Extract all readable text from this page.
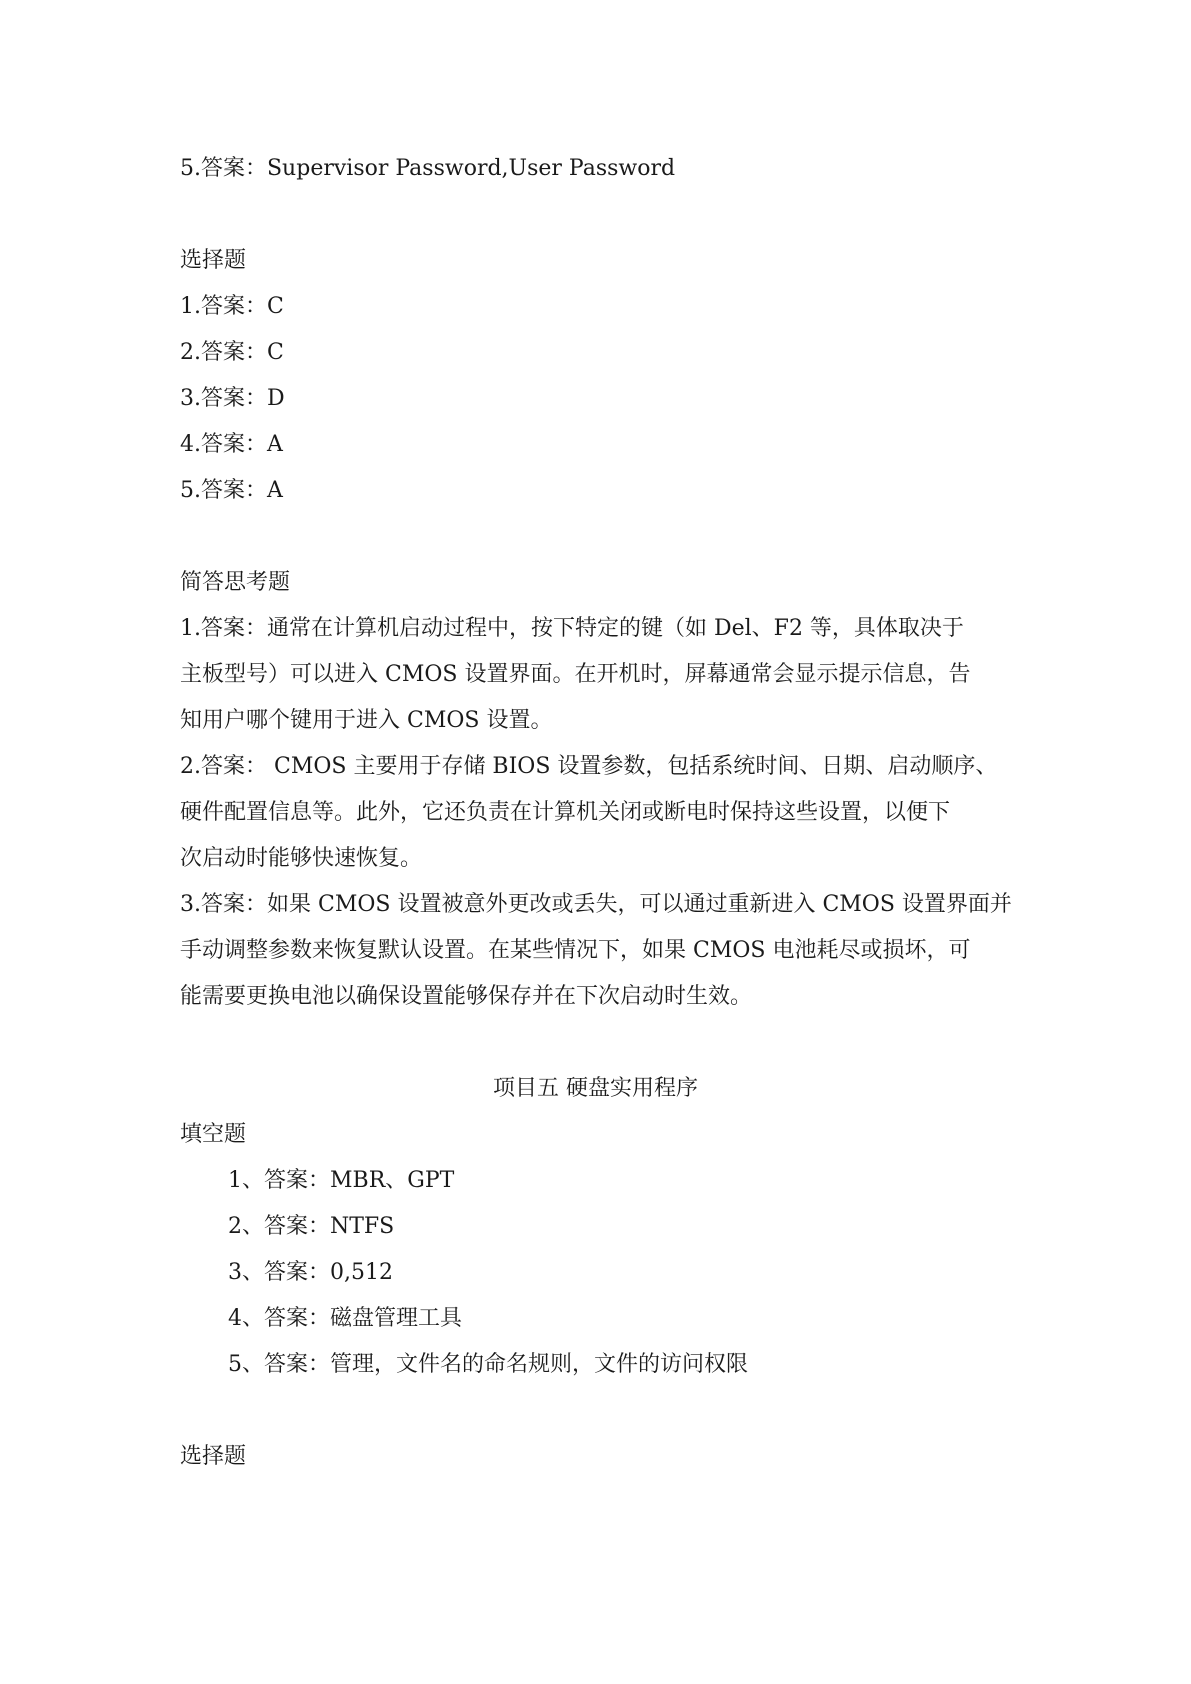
5.答案：Supervisor Password,User Password
选择题
1.答案：C
2.答案：C
3.答案：D
4.答案：A
5.答案：A
简答思考题
1.答案：通常在计算机启动过程中，按下特定的键（如 Del、F2 等，具体取决于
主板型号）可以进入 CMOS 设置界面。在开机时，屏幕通常会显示提示信息，告
知用户哪个键用于进入 CMOS 设置。
2.答案： CMOS 主要用于存储 BIOS 设置参数，包括系统时间、日期、启动顺序、
硬件配置信息等。此外，它还负责在计算机关闭或断电时保持这些设置，以便下
次启动时能够快速恢复。
3.答案：如果 CMOS 设置被意外更改或丢失，可以通过重新进入 CMOS 设置界面并
手动调整参数来恢复默认设置。在某些情况下，如果 CMOS 电池耗尽或损坏，可
能需要更换电池以确保设置能够保存并在下次启动时生效。
项目五 硬盘实用程序
填空题
1、答案：MBR、GPT
2、答案：NTFS
3、答案：0,512
4、答案：磁盘管理工具
5、答案：管理，文件名的命名规则，文件的访问权限
选择题
